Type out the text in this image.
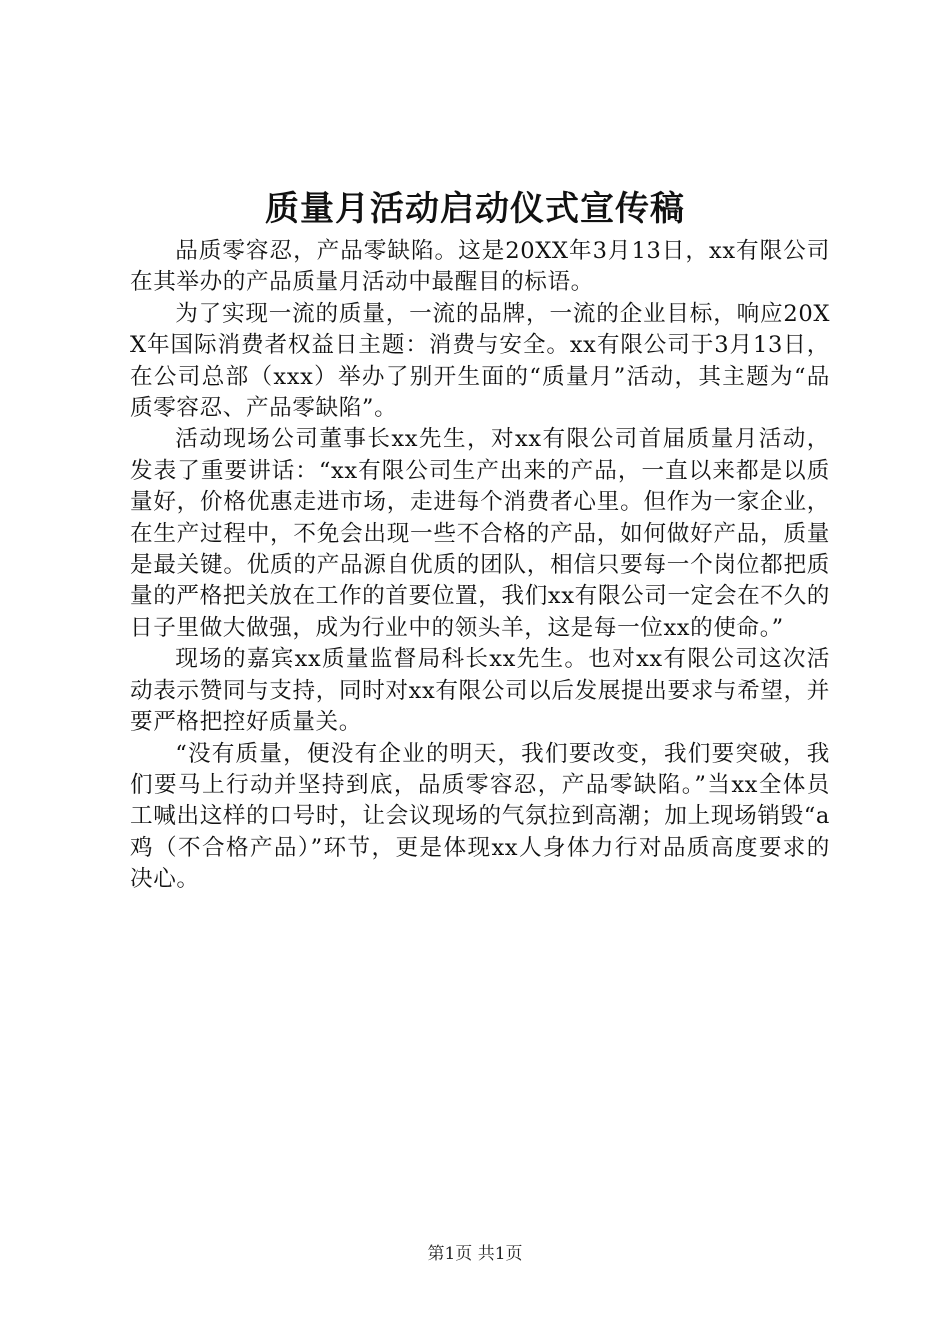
质量月活动启动仪式宣传稿

品质零容忍，产品零缺陷。这是20XX年3月13日，xx有限公司在其举办的产品质量月活动中最醒目的标语。

为了实现一流的质量，一流的品牌，一流的企业目标，响应20XX年国际消费者权益日主题：消费与安全。xx有限公司于3月13日，在公司总部（xxx）举办了别开生面的“质量月”活动，其主题为“品质零容忍、产品零缺陷”。

活动现场公司董事长xx先生，对xx有限公司首届质量月活动，发表了重要讲话：“xx有限公司生产出来的产品，一直以来都是以质量好，价格优惠走进市场，走进每个消费者心里。但作为一家企业，在生产过程中，不免会出现一些不合格的产品，如何做好产品，质量是最关键。优质的产品源自优质的团队，相信只要每一个岗位都把质量的严格把关放在工作的首要位置，我们xx有限公司一定会在不久的日子里做大做强，成为行业中的领头羊，这是每一位xx的使命。”

现场的嘉宾xx质量监督局科长xx先生。也对xx有限公司这次活动表示赞同与支持，同时对xx有限公司以后发展提出要求与希望，并要严格把控好质量关。

“没有质量，便没有企业的明天，我们要改变，我们要突破，我们要马上行动并坚持到底，品质零容忍，产品零缺陷。”当xx全体员工喊出这样的口号时，让会议现场的气氛拉到高潮；加上现场销毁“a鸡（不合格产品）”环节，更是体现xx人身体力行对品质高度要求的决心。

第1页 共1页
